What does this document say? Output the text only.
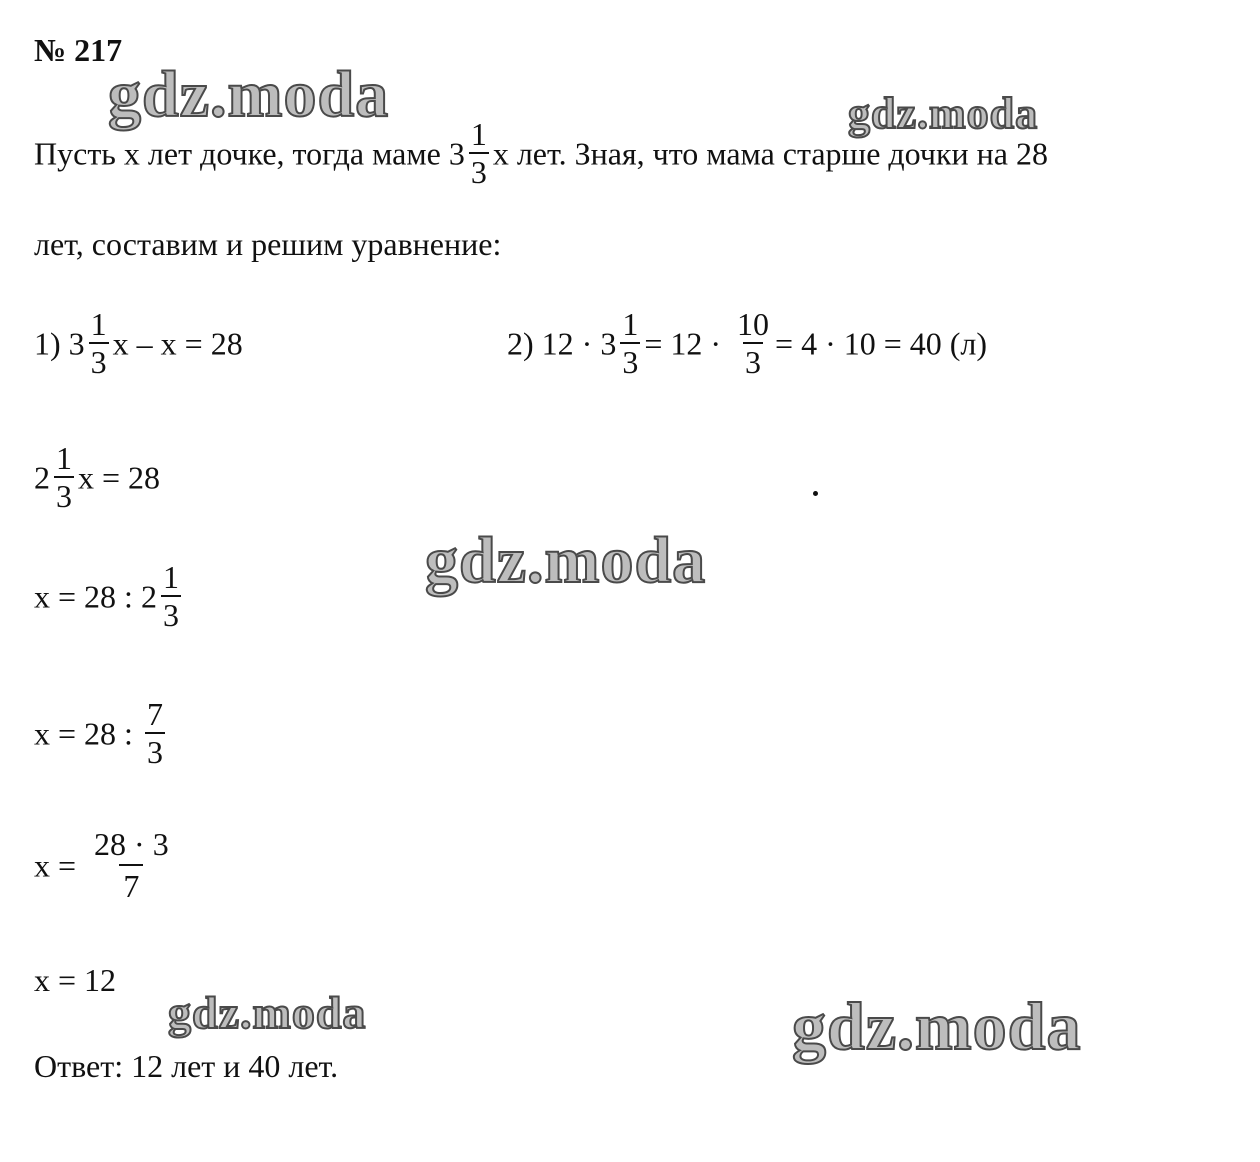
gdz.moda	gdz.moda
gdz.moda
gdz.moda	gdz.moda
№ 217
Пусть х лет дочке, тогда маме $3 \frac{1}{3}$ х лет. Зная, что мама старше дочки на 28
лет, составим и решим уравнение:
1) $3 \frac{1}{3}$ х – х = 28	2) $12 \cdot 3 \frac{1}{3} = 12 \cdot \frac{10}{3} = 4 \cdot 10 = 40$ (л)
$2 \frac{1}{3}$ х = 28
х = 28 : $2 \frac{1}{3}$
х = 28 : $\frac{7}{3}$
$х = \frac{28 \cdot 3}{7}$
х = 12
Ответ: 12 лет и 40 лет.
